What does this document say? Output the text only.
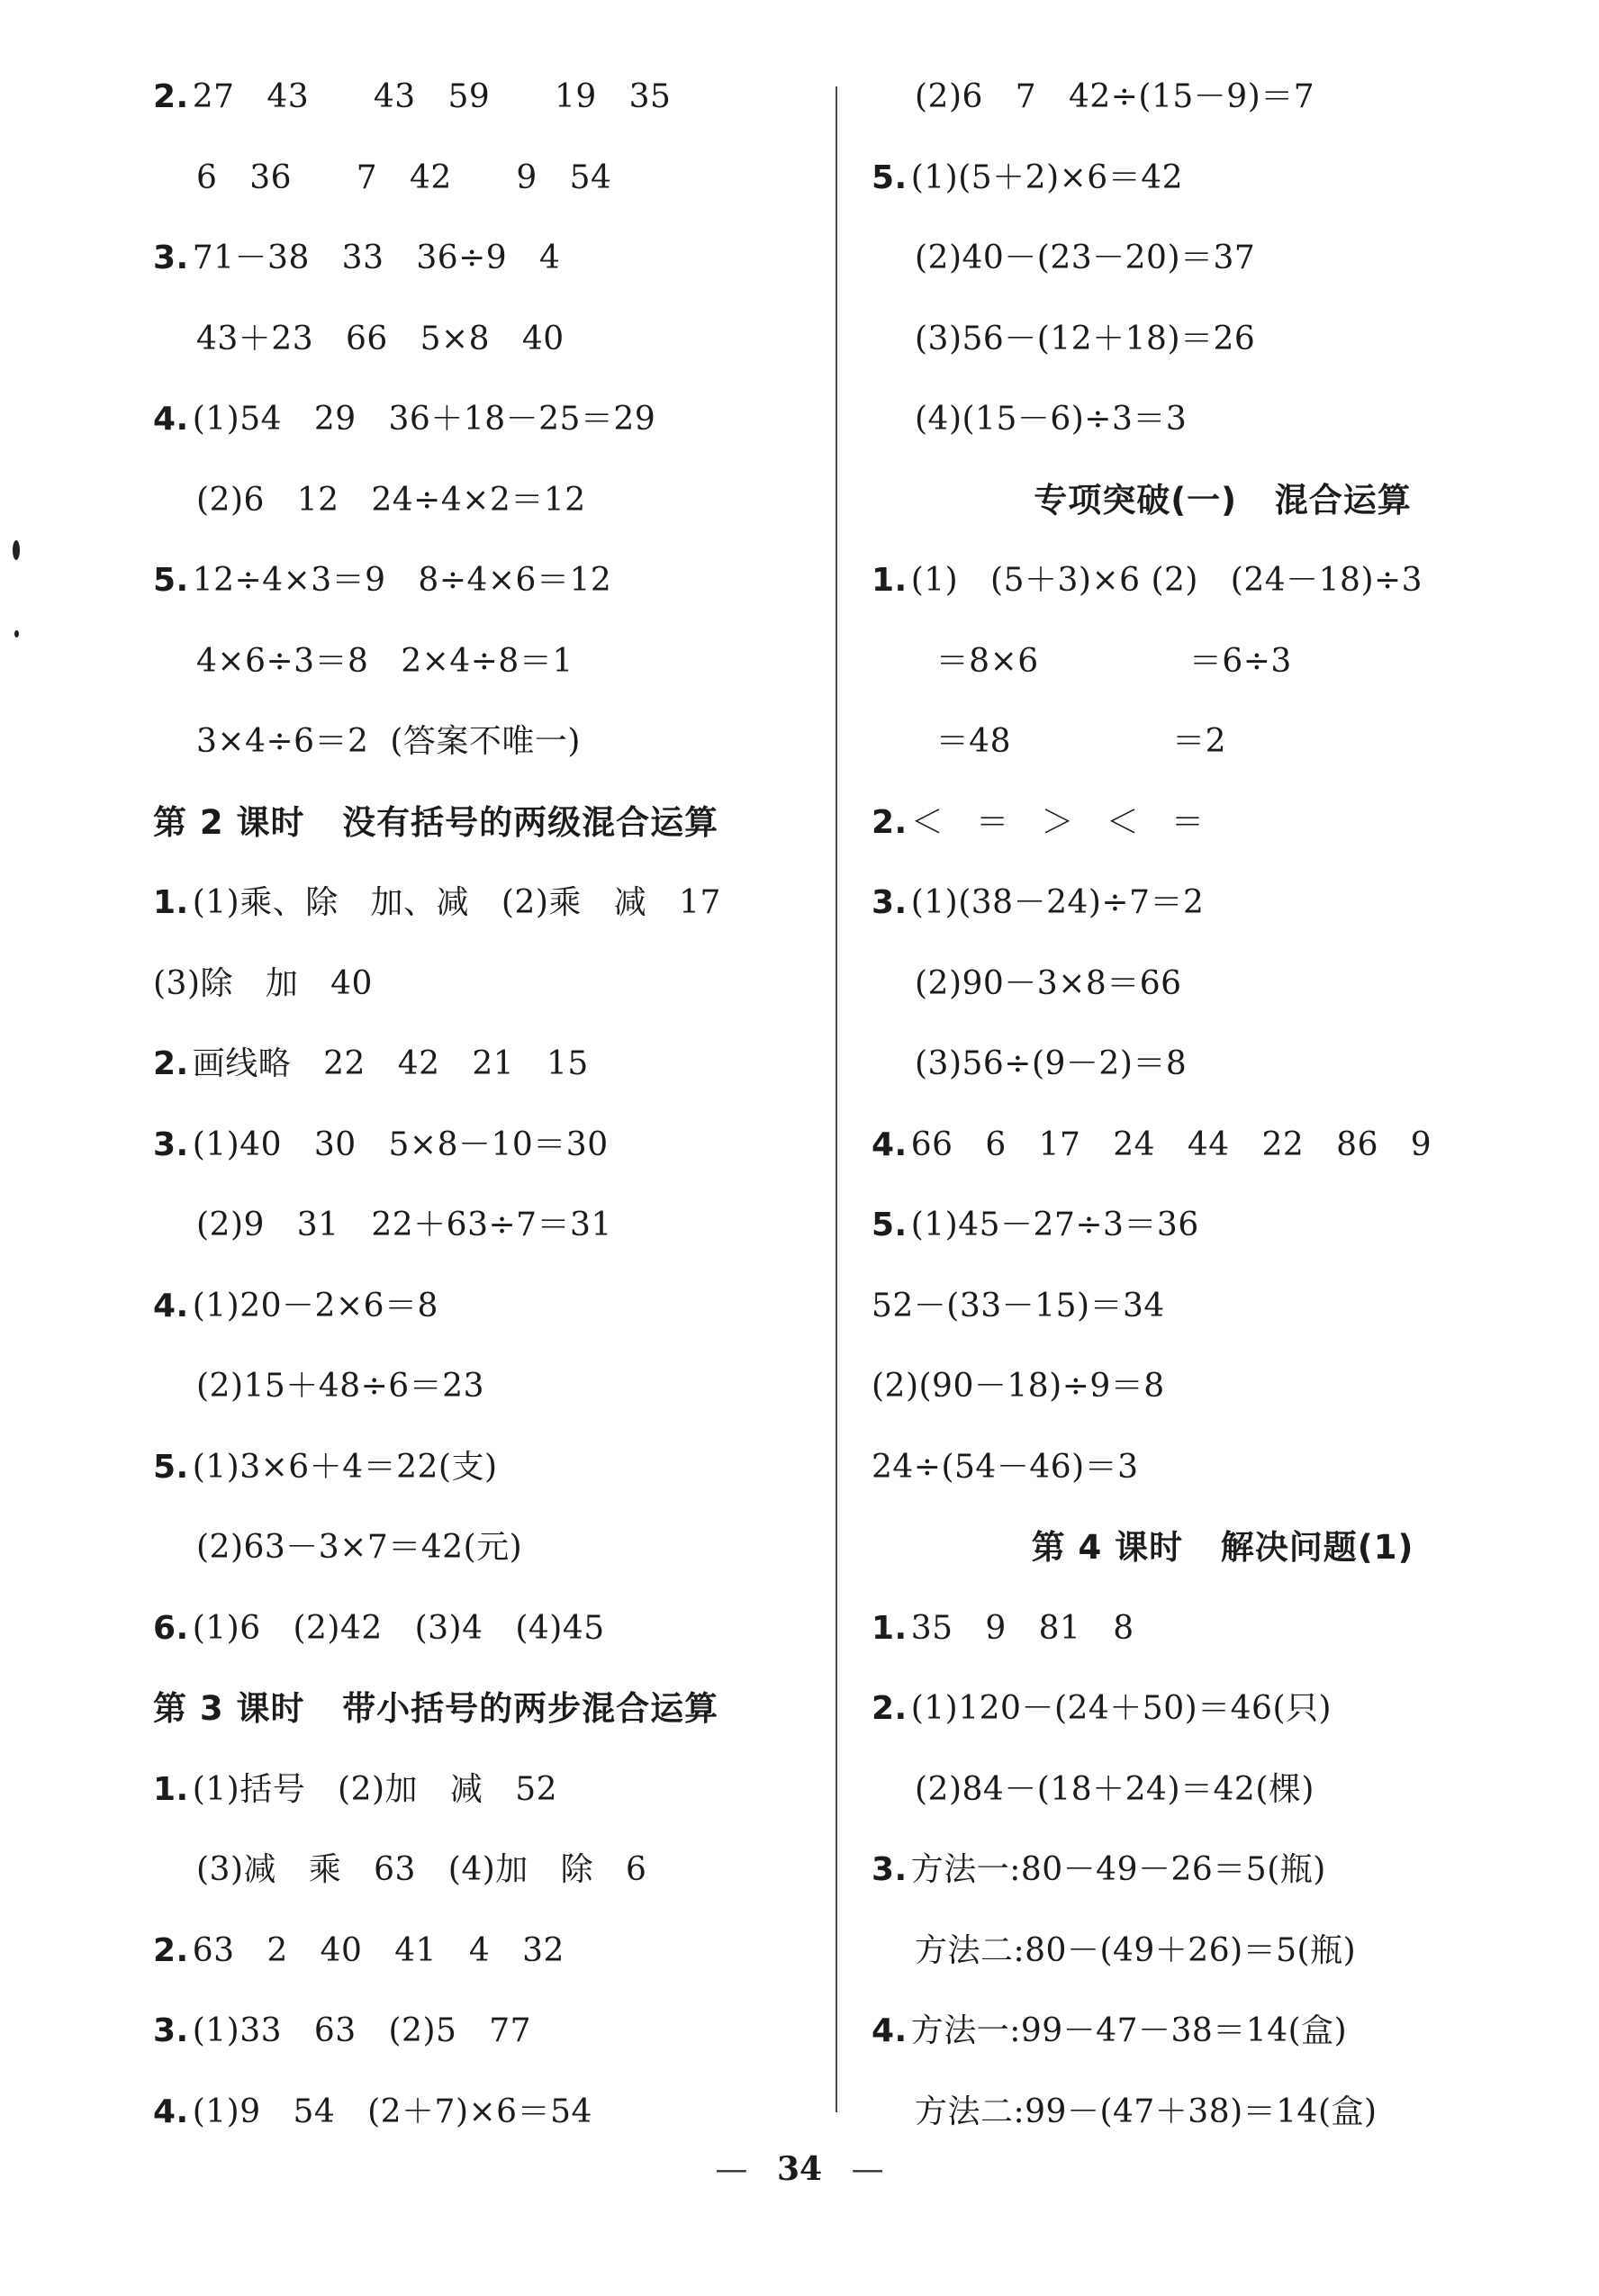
2. 27   43      43   59      19   35
6   36      7   42      9   54
3. 71－38   33   36÷9   4
43＋23   66   5×8   40
4. (1)54   29   36＋18－25＝29
(2)6   12   24÷4×2＝12
5. 12÷4×3＝9   8÷4×6＝12
4×6÷3＝8   2×4÷8＝1
3×4÷6＝2  (答案不唯一)
第 2 课时   没有括号的两级混合运算
1. (1)乘、除   加、减   (2)乘   减   17
(3)除   加   40
2. 画线略   22   42   21   15
3. (1)40   30   5×8－10＝30
(2)9   31   22＋63÷7＝31
4. (1)20－2×6＝8
(2)15＋48÷6＝23
5. (1)3×6＋4＝22(支)
(2)63－3×7＝42(元)
6. (1)6   (2)42   (3)4   (4)45
第 3 课时   带小括号的两步混合运算
1. (1)括号   (2)加   减   52
(3)减   乘   63   (4)加   除   6
2. 63   2   40   41   4   32
3. (1)33   63   (2)5   77
4. (1)9   54   (2＋7)×6＝54
(2)6   7   42÷(15－9)＝7
5. (1)(5＋2)×6＝42
(2)40－(23－20)＝37
(3)56－(12＋18)＝26
(4)(15－6)÷3＝3
专项突破(一)   混合运算
1. (1)   (5＋3)×6 (2)   (24－18)÷3
＝8×6              ＝6÷3
＝48               ＝2
2. ＜   ＝   ＞   ＜   ＝
3. (1)(38－24)÷7＝2
(2)90－3×8＝66
(3)56÷(9－2)＝8
4. 66   6   17   24   44   22   86   9
5. (1)45－27÷3＝36
52－(33－15)＝34
(2)(90－18)÷9＝8
24÷(54－46)＝3
第 4 课时   解决问题(1)
1. 35   9   81   8
2. (1)120－(24＋50)＝46(只)
(2)84－(18＋24)＝42(棵)
3. 方法一:80－49－26＝5(瓶)
方法二:80－(49＋26)＝5(瓶)
4. 方法一:99－47－38＝14(盒)
方法二:99－(47＋38)＝14(盒)
— 34 —
